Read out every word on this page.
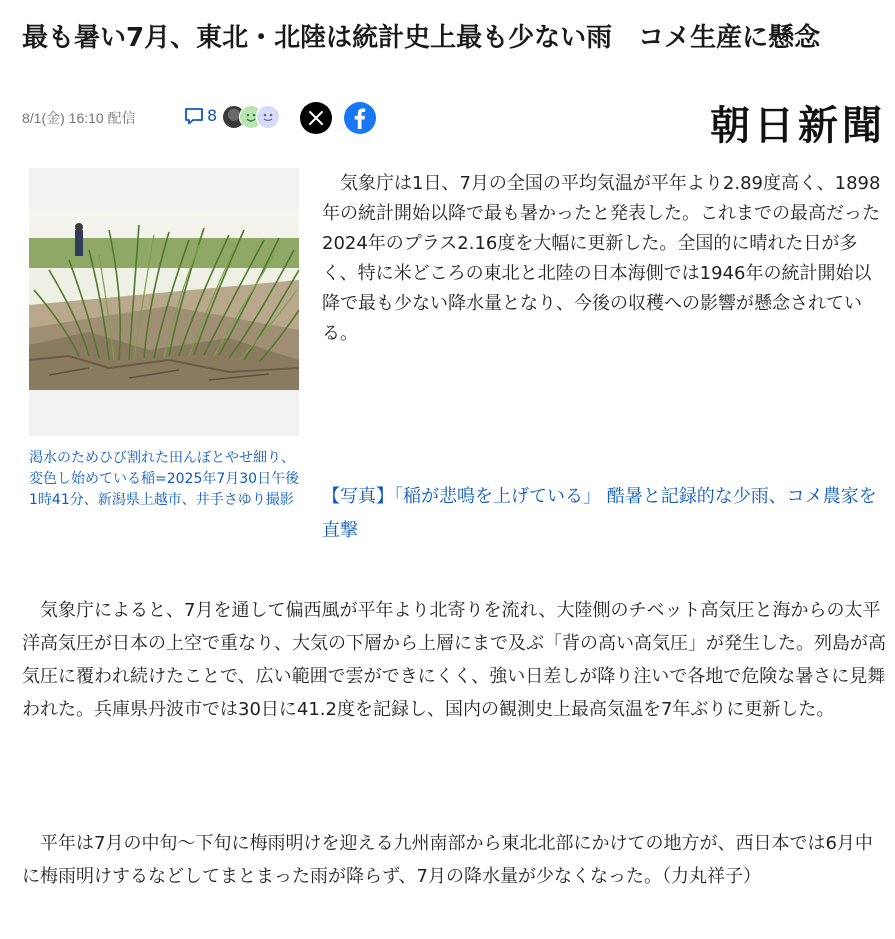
最も暑い7月、東北・北陸は統計史上最も少ない雨　コメ生産に懸念
8/1(金) 16:10 配信	8	朝日新聞
渇水のためひび割れた田んぼとやせ細り、変色し始めている稲=2025年7月30日午後1時41分、新潟県上越市、井手さゆり撮影

　気象庁は1日、7月の全国の平均気温が平年より2.89度高く、1898年の統計開始以降で最も暑かったと発表した。これまでの最高だった2024年のプラス2.16度を大幅に更新した。全国的に晴れた日が多く、特に米どころの東北と北陸の日本海側では1946年の統計開始以降で最も少ない降水量となり、今後の収穫への影響が懸念されている。

【写真】「稲が悲鳴を上げている」 酷暑と記録的な少雨、コメ農家を直撃

　気象庁によると、7月を通して偏西風が平年より北寄りを流れ、大陸側のチベット高気圧と海からの太平洋高気圧が日本の上空で重なり、大気の下層から上層にまで及ぶ「背の高い高気圧」が発生した。列島が高気圧に覆われ続けたことで、広い範囲で雲ができにくく、強い日差しが降り注いで各地で危険な暑さに見舞われた。兵庫県丹波市では30日に41.2度を記録し、国内の観測史上最高気温を7年ぶりに更新した。

　平年は7月の中旬～下旬に梅雨明けを迎える九州南部から東北北部にかけての地方が、西日本では6月中に梅雨明けするなどしてまとまった雨が降らず、7月の降水量が少なくなった。（力丸祥子）
